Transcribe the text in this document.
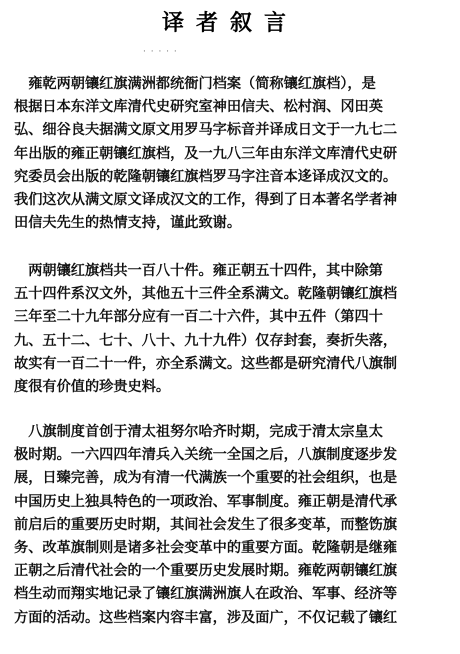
译者叙言
· · · · ·
　雍乾两朝镶红旗满洲都统衙门档案（简称镶红旗档），是
根据日本东洋文库清代史研究室神田信夫、松村润、冈田英
弘、细谷良夫据满文原文用罗马字标音并译成日文于一九七二
年出版的雍正朝镶红旗档，及一九八三年由东洋文库清代史研
究委员会出版的乾隆朝镶红旗档罗马字注音本迻译成汉文的。
我们这次从满文原文译成汉文的工作，得到了日本著名学者神
田信夫先生的热情支持，谨此致谢。
　两朝镶红旗档共一百八十件。雍正朝五十四件，其中除第
五十四件系汉文外，其他五十三件全系满文。乾隆朝镶红旗档
三年至二十九年部分应有一百二十六件，其中五件（第四十
九、五十二、七十、八十、九十九件）仅存封套，奏折失落，
故实有一百二十一件，亦全系满文。这些都是研究清代八旗制
度很有价值的珍贵史料。
　八旗制度首创于清太祖努尔哈齐时期，完成于清太宗皇太
极时期。一六四四年清兵入关统一全国之后，八旗制度逐步发
展，日臻完善，成为有清一代满族一个重要的社会组织，也是
中国历史上独具特色的一项政治、军事制度。雍正朝是清代承
前启后的重要历史时期，其间社会发生了很多变革，而整饬旗
务、改革旗制则是诸多社会变革中的重要方面。乾隆朝是继雍
正朝之后清代社会的一个重要历史发展时期。雍乾两朝镶红旗
档生动而翔实地记录了镶红旗满洲旗人在政治、军事、经济等
方面的活动。这些档案内容丰富，涉及面广，不仅记载了镶红
